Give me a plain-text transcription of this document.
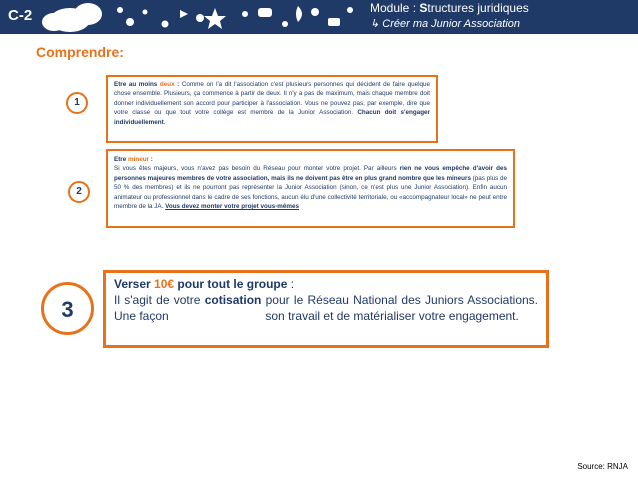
C-2	Module : Structures juridiques
↳ Créer ma Junior Association
Comprendre:
1
Etre au moins deux : Comme on l'a dit l'association c'est plusieurs personnes qui décident de faire quelque chose ensemble. Plusieurs, ça commence à partir de deux. Il n'y a pas de maximum, mais chaque membre doit donner individuellement son accord pour participer à l'association. Vous ne pouvez pas, par exemple, dire que votre classe ou que tout votre collège est membre de la Junior Association. Chacun doit s'engager individuellement.
2
Etre mineur :
Si vous êtes majeurs, vous n'avez pas besoin du Réseau pour monter votre projet. Par ailleurs rien ne vous empêche d'avoir des personnes majeures membres de votre association, mais ils ne doivent pas être en plus grand nombre que les mineurs (pas plus de 50 % des membres) et ils ne pourront pas représenter la Junior Association (sinon, ce n'est plus une Junior Association). Enfin aucun animateur ou professionnel dans le cadre de ses fonctions, aucun élu d'une collectivité territoriale, ou «accompagnateur local» ne peut entre membre de la JA. Vous devez monter votre projet vous-mêmes
3
Verser 10€ pour tout le groupe :
Il s'agit de votre cotisation pour le Réseau National des Juniors Associations. Une façon	son travail et de matérialiser votre engagement.
Source: RNJA
